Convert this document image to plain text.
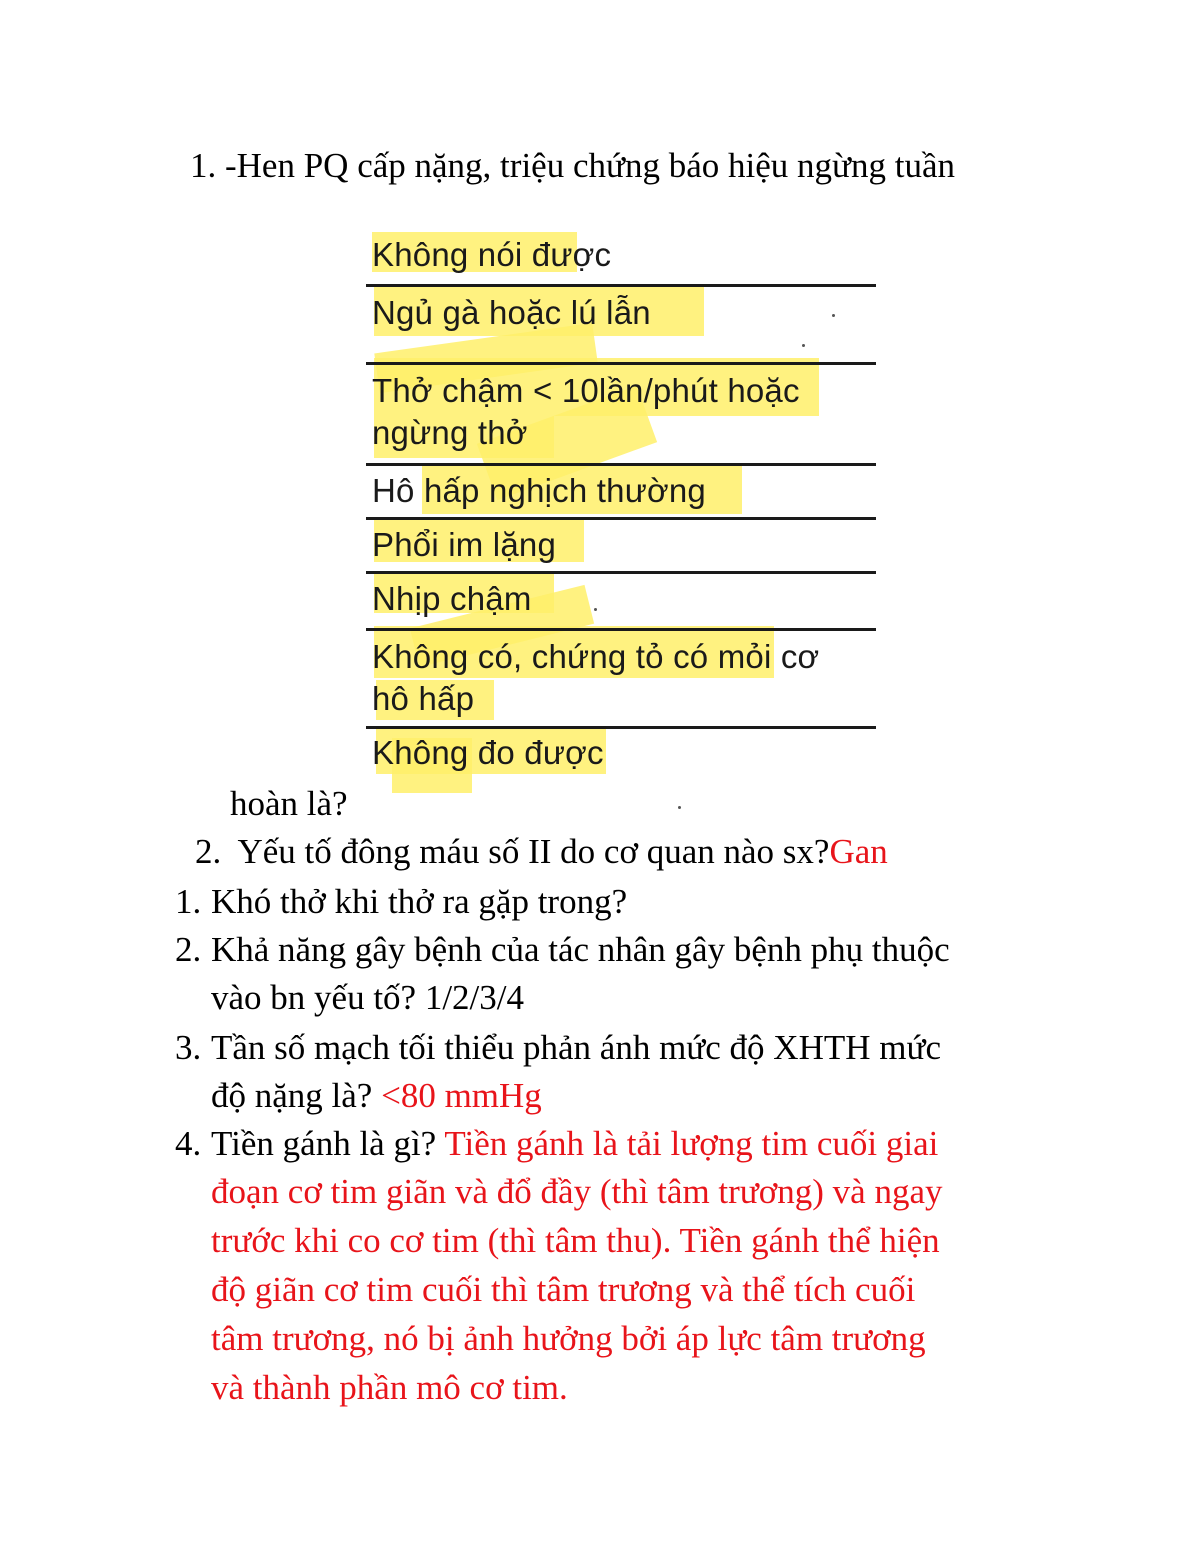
1. -Hen PQ cấp nặng, triệu chứng báo hiệu ngừng tuần
Không nói được
Ngủ gà hoặc lú lẫn
Thở chậm < 10lần/phút hoặc
ngừng thở
Hô hấp nghịch thường
Phổi im lặng
Nhịp chậm
Không có, chứng tỏ có mỏi cơ
hô hấp
Không đo được
hoàn là?
2. Yếu tố đông máu số II do cơ quan nào sx?Gan
1. Khó thở khi thở ra gặp trong?
2. Khả năng gây bệnh của tác nhân gây bệnh phụ thuộc
vào bn yếu tố? 1/2/3/4
3. Tần số mạch tối thiểu phản ánh mức độ XHTH mức
độ nặng là? <80 mmHg
4. Tiền gánh là gì? Tiền gánh là tải lượng tim cuối giai
đoạn cơ tim giãn và đổ đầy (thì tâm trương) và ngay
trước khi co cơ tim (thì tâm thu). Tiền gánh thể hiện
độ giãn cơ tim cuối thì tâm trương và thể tích cuối
tâm trương, nó bị ảnh hưởng bởi áp lực tâm trương
và thành phần mô cơ tim.
